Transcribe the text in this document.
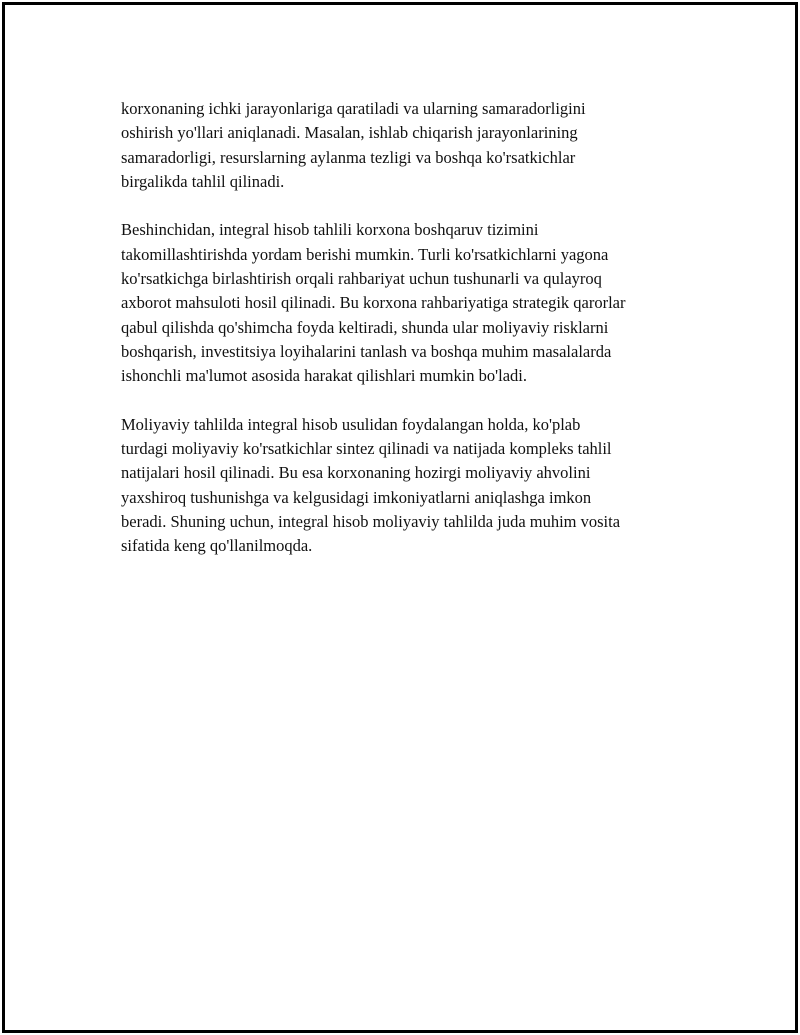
korxonaning ichki jarayonlariga qaratiladi va ularning samaradorligini
oshirish yo'llari aniqlanadi. Masalan, ishlab chiqarish jarayonlarining
samaradorligi, resurslarning aylanma tezligi va boshqa ko'rsatkichlar
birgalikda tahlil qilinadi.

Beshinchidan, integral hisob tahlili korxona boshqaruv tizimini
takomillashtirishda yordam berishi mumkin. Turli ko'rsatkichlarni yagona
ko'rsatkichga birlashtirish orqali rahbariyat uchun tushunarli va qulayroq
axborot mahsuloti hosil qilinadi. Bu korxona rahbariyatiga strategik qarorlar
qabul qilishda qo'shimcha foyda keltiradi, shunda ular moliyaviy risklarni
boshqarish, investitsiya loyihalarini tanlash va boshqa muhim masalalarda
ishonchli ma'lumot asosida harakat qilishlari mumkin bo'ladi.

Moliyaviy tahlilda integral hisob usulidan foydalangan holda, ko'plab
turdagi moliyaviy ko'rsatkichlar sintez qilinadi va natijada kompleks tahlil
natijalari hosil qilinadi. Bu esa korxonaning hozirgi moliyaviy ahvolini
yaxshiroq tushunishga va kelgusidagi imkoniyatlarni aniqlashga imkon
beradi. Shuning uchun, integral hisob moliyaviy tahlilda juda muhim vosita
sifatida keng qo'llanilmoqda.
